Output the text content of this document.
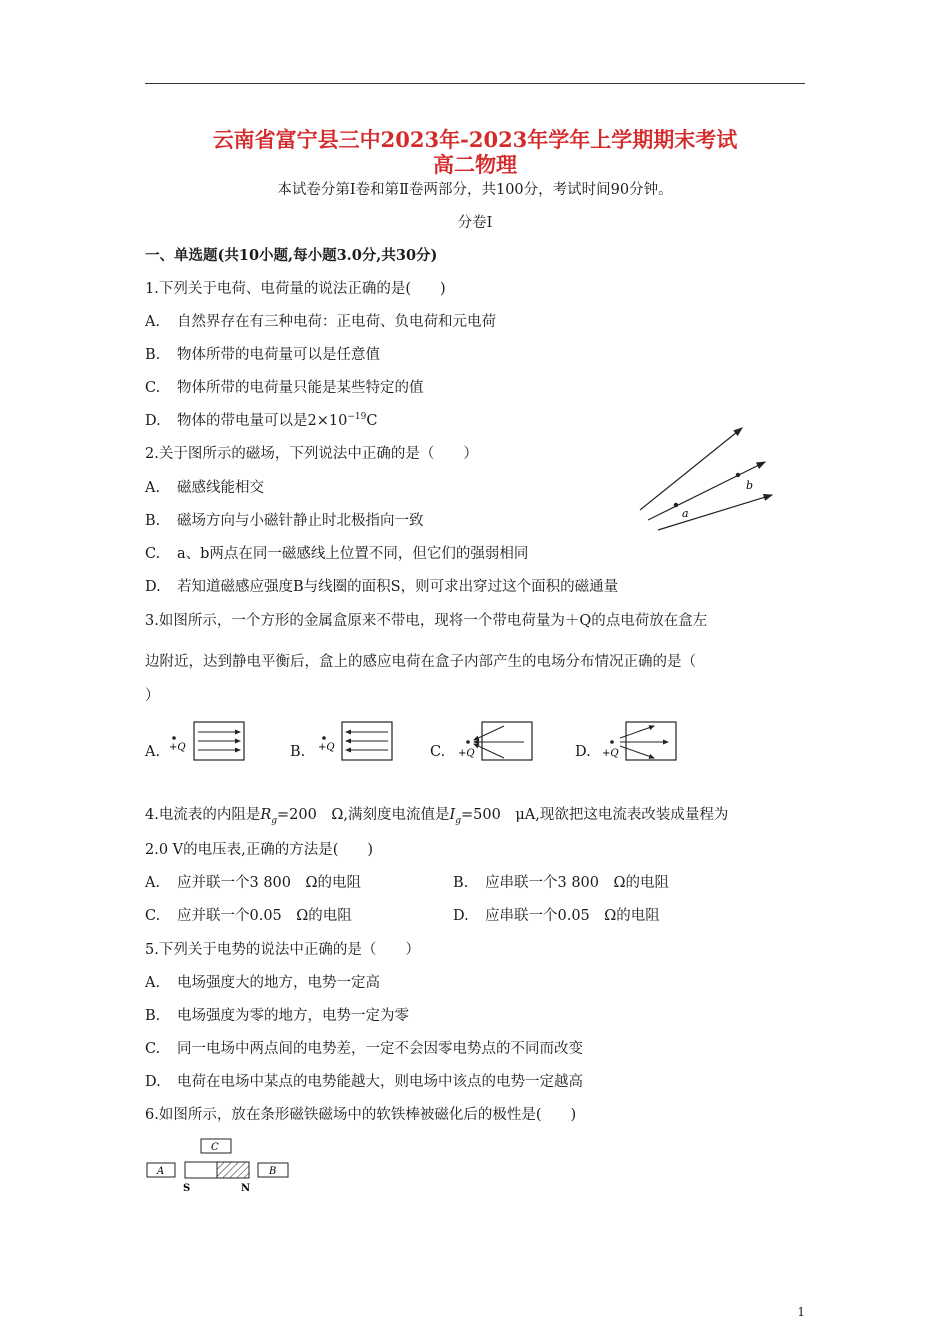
云南省富宁县三中2023年-2023年学年上学期期末考试
高二物理
本试卷分第Ⅰ卷和第Ⅱ卷两部分，共100分，考试时间90分钟。
分卷I
一、单选题(共10小题,每小题3.0分,共30分)
1.下列关于电荷、电荷量的说法正确的是(　　)
A. 自然界存在有三种电荷：正电荷、负电荷和元电荷
B. 物体所带的电荷量可以是任意值
C. 物体所带的电荷量只能是某些特定的值
D. 物体的带电量可以是$2\times 10^{-19}C$
2.关于图所示的磁场，下列说法中正确的是（　　）
A. 磁感线能相交
B. 磁场方向与小磁针静止时北极指向一致
C. a、b两点在同一磁感线上位置不同，但它们的强弱相同
D. 若知道磁感应强度B与线圈的面积S，则可求出穿过这个面积的磁通量
a
b
3.如图所示，一个方形的金属盒原来不带电，现将一个带电荷量为＋Q的点电荷放在盒左
边附近，达到静电平衡后，盒上的感应电荷在盒子内部产生的电场分布情况正确的是（
）
A. +Q	B. +Q	C. +Q	D. +Q
4.电流表的内阻是$R_g=200$　Ω,满刻度电流值是$I_g=500$　μA,现欲把这电流表改装成量程为
2.0 V的电压表,正确的方法是(　　)
A. 应并联一个3 800　Ω的电阻	B. 应串联一个3 800　Ω的电阻
C. 应并联一个0.05　Ω的电阻	D. 应串联一个0.05　Ω的电阻
5.下列关于电势的说法中正确的是（　　）
A. 电场强度大的地方，电势一定高
B. 电场强度为零的地方，电势一定为零
C. 同一电场中两点间的电势差，一定不会因零电势点的不同而改变
D. 电荷在电场中某点的电势能越大，则电场中该点的电势一定越高
6.如图所示，放在条形磁铁磁场中的软铁棒被磁化后的极性是(　　)
C
A	B
S	N
1
